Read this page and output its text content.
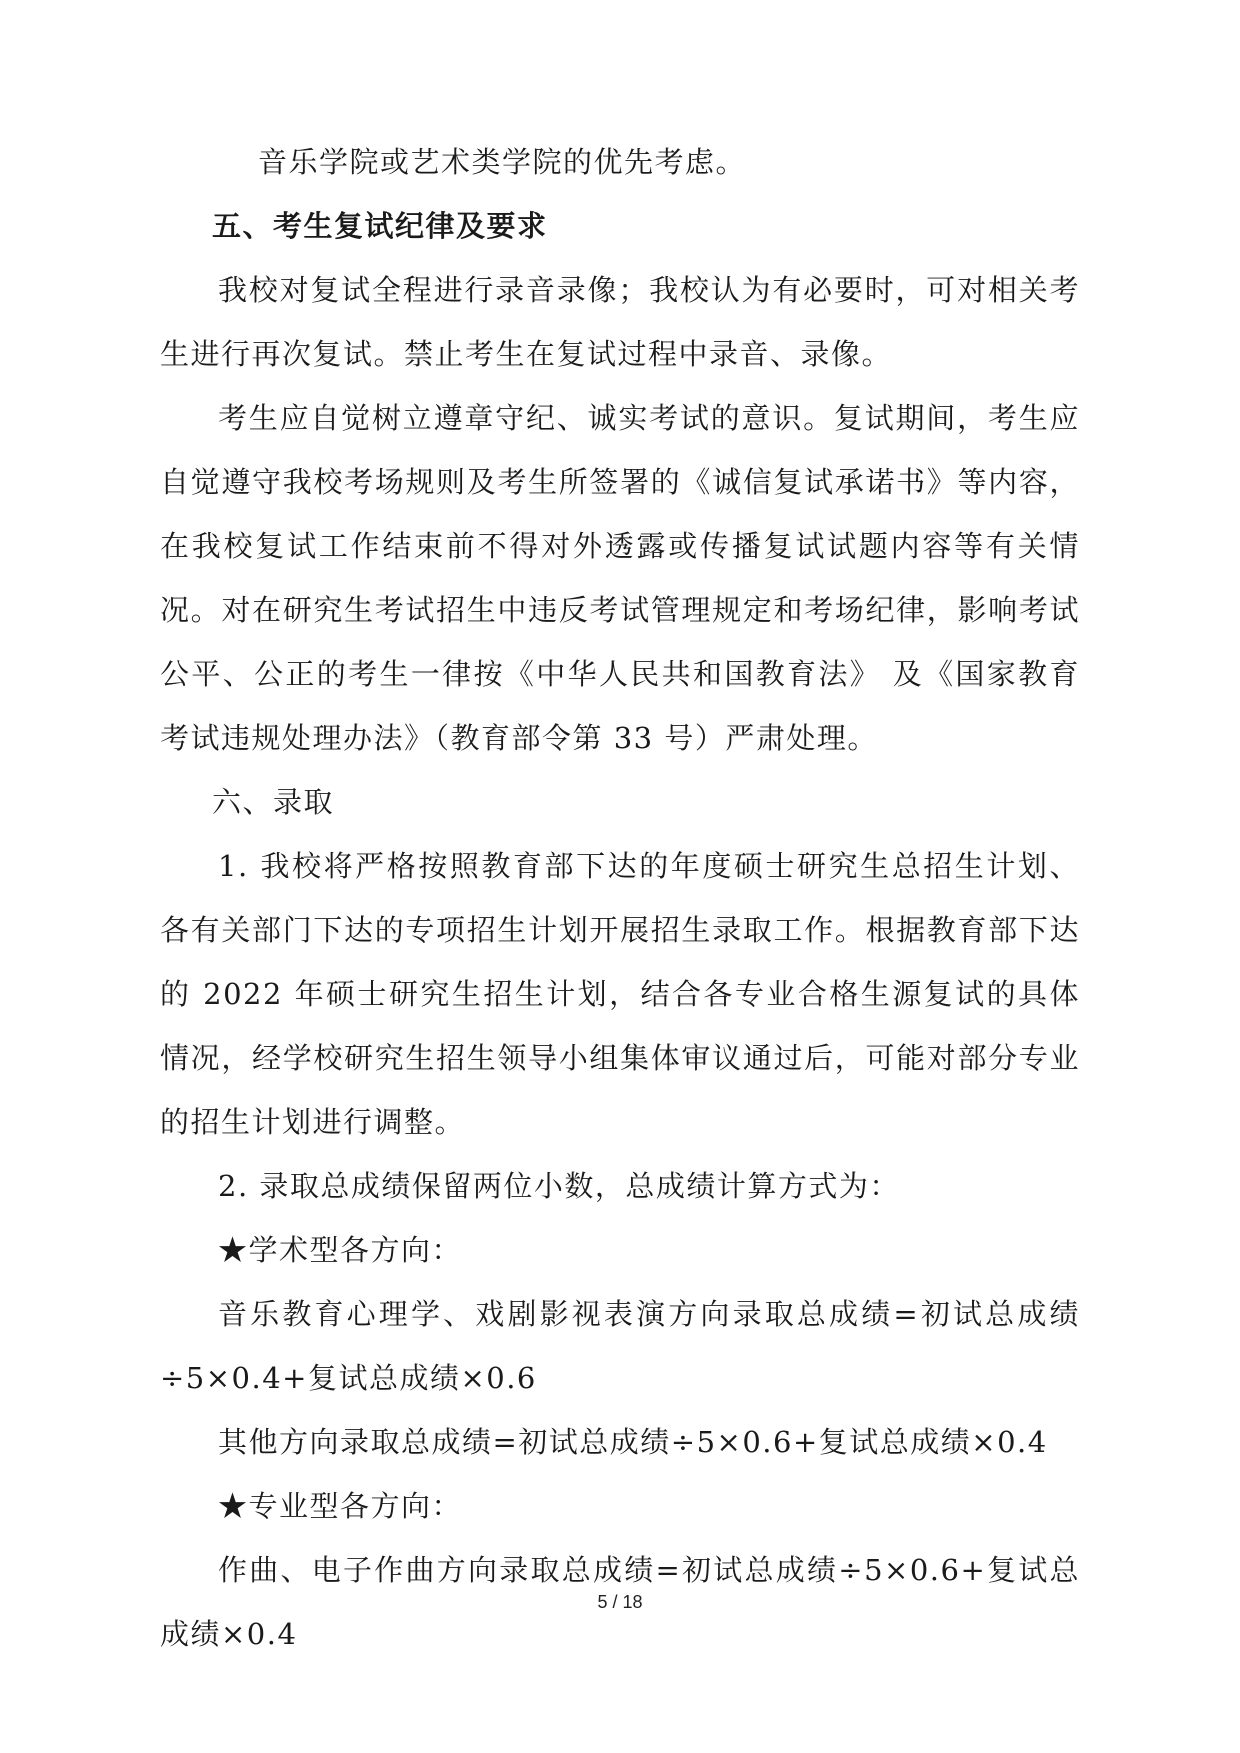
音乐学院或艺术类学院的优先考虑。

五、考生复试纪律及要求

我校对复试全程进行录音录像；我校认为有必要时，可对相关考生进行再次复试。禁止考生在复试过程中录音、录像。

考生应自觉树立遵章守纪、诚实考试的意识。复试期间，考生应自觉遵守我校考场规则及考生所签署的《诚信复试承诺书》等内容，在我校复试工作结束前不得对外透露或传播复试试题内容等有关情况。对在研究生考试招生中违反考试管理规定和考场纪律，影响考试公平、公正的考生一律按《中华人民共和国教育法》 及《国家教育考试违规处理办法》（教育部令第 33 号）严肃处理。

六、录取

1. 我校将严格按照教育部下达的年度硕士研究生总招生计划、各有关部门下达的专项招生计划开展招生录取工作。根据教育部下达的 2022 年硕士研究生招生计划，结合各专业合格生源复试的具体情况，经学校研究生招生领导小组集体审议通过后，可能对部分专业的招生计划进行调整。

2. 录取总成绩保留两位小数，总成绩计算方式为：

★学术型各方向：

音乐教育心理学、戏剧影视表演方向录取总成绩=初试总成绩÷5×0.4+复试总成绩×0.6

其他方向录取总成绩=初试总成绩÷5×0.6+复试总成绩×0.4

★专业型各方向：

作曲、电子作曲方向录取总成绩=初试总成绩÷5×0.6+复试总成绩×0.4

5 / 18
